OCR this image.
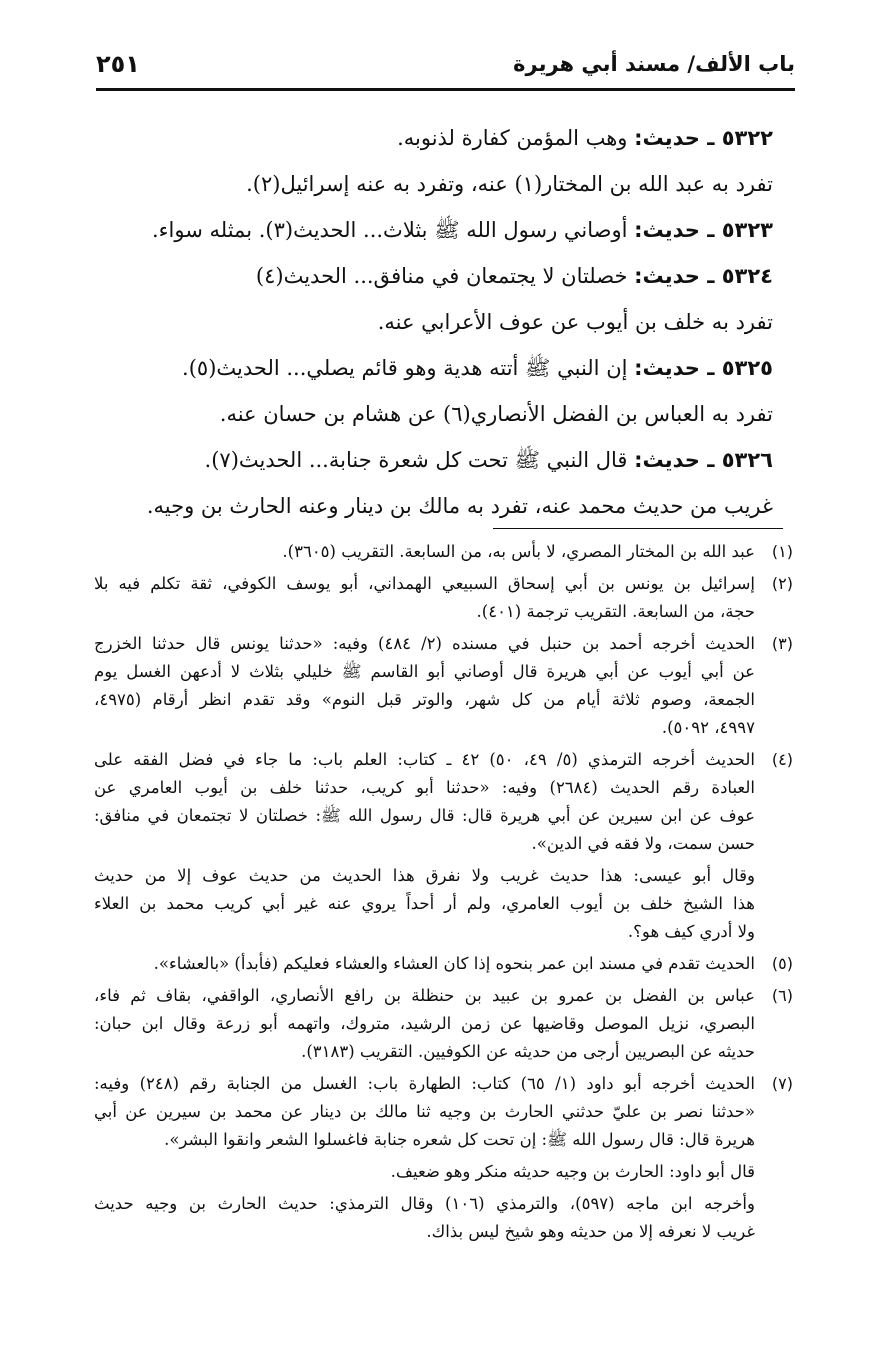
باب الألف/ مسند أبي هريرة
٢٥١
٥٣٢٢ ـ حديث: وهب المؤمن كفارة لذنوبه.
تفرد به عبد الله بن المختار(١) عنه، وتفرد به عنه إسرائيل(٢).
٥٣٢٣ ـ حديث: أوصاني رسول الله ﷺ بثلاث... الحديث(٣). بمثله سواء.
٥٣٢٤ ـ حديث: خصلتان لا يجتمعان في منافق... الحديث(٤)
تفرد به خلف بن أيوب عن عوف الأعرابي عنه.
٥٣٢٥ ـ حديث: إن النبي ﷺ أتته هدية وهو قائم يصلي... الحديث(٥).
تفرد به العباس بن الفضل الأنصاري(٦) عن هشام بن حسان عنه.
٥٣٢٦ ـ حديث: قال النبي ﷺ تحت كل شعرة جنابة... الحديث(٧).
غريب من حديث محمد عنه، تفرد به مالك بن دينار وعنه الحارث بن وجيه.
(١)
عبد الله بن المختار المصري، لا بأس به، من السابعة. التقريب (٣٦٠٥).
(٢)
إسرائيل بن يونس بن أبي إسحاق السبيعي الهمداني، أبو يوسف الكوفي، ثقة تكلم فيه بلا
حجة، من السابعة. التقريب ترجمة (٤٠١).
(٣)
الحديث أخرجه أحمد بن حنبل في مسنده (٢/ ٤٨٤) وفيه: «حدثنا يونس قال حدثنا الخزرج
عن أبي أيوب عن أبي هريرة قال أوصاني أبو القاسم ﷺ خليلي بثلاث لا أدعهن الغسل يوم
الجمعة، وصوم ثلاثة أيام من كل شهر، والوتر قبل النوم» وقد تقدم انظر أرقام (٤٩٧٥،
٤٩٩٧، ٥٠٩٢).
(٤)
الحديث أخرجه الترمذي (٥/ ٤٩، ٥٠) ٤٢ ـ كتاب: العلم باب: ما جاء في فضل الفقه على
العبادة رقم الحديث (٢٦٨٤) وفيه: «حدثنا أبو كريب، حدثنا خلف بن أيوب العامري عن
عوف عن ابن سيرين عن أبي هريرة قال: قال رسول الله ﷺ: خصلتان لا تجتمعان في منافق:
حسن سمت، ولا فقه في الدين».
وقال أبو عيسى: هذا حديث غريب ولا نفرق هذا الحديث من حديث عوف إلا من حديث
هذا الشيخ خلف بن أيوب العامري، ولم أر أحداً يروي عنه غير أبي كريب محمد بن العلاء
ولا أدري كيف هو؟.
(٥)
الحديث تقدم في مسند ابن عمر بنحوه إذا كان العشاء والعشاء فعليكم (فأبدأ) «بالعشاء».
(٦)
عباس بن الفضل بن عمرو بن عبيد بن حنظلة بن رافع الأنصاري، الواقفي، بقاف ثم فاء،
البصري، نزيل الموصل وقاضيها عن زمن الرشيد، متروك، واتهمه أبو زرعة وقال ابن حبان:
حديثه عن البصريين أرجى من حديثه عن الكوفيين. التقريب (٣١٨٣).
(٧)
الحديث أخرجه أبو داود (١/ ٦٥) كتاب: الطهارة باب: الغسل من الجنابة رقم (٢٤٨) وفيه:
«حدثنا نصر بن عليّ حدثني الحارث بن وجيه ثنا مالك بن دينار عن محمد بن سيرين عن أبي
هريرة قال: قال رسول الله ﷺ: إن تحت كل شعره جنابة فاغسلوا الشعر وانقوا البشر».
قال أبو داود: الحارث بن وجيه حديثه منكر وهو ضعيف.
وأخرجه ابن ماجه (٥٩٧)، والترمذي (١٠٦) وقال الترمذي: حديث الحارث بن وجيه حديث
غريب لا نعرفه إلا من حديثه وهو شيخ ليس بذاك.
